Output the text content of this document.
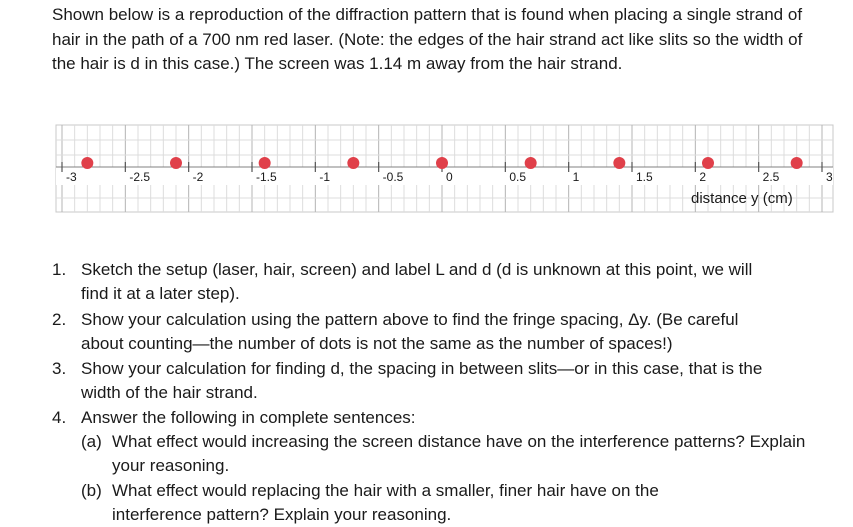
Shown below is a reproduction of the diffraction pattern that is found when placing a single strand of hair in the path of a 700 nm red laser. (Note: the edges of the hair strand act like slits so the width of the hair is d in this case.) The screen was 1.14 m away from the hair strand.

-3	-2.5	-2	-1.5	-1	-0.5	0	0.5	1	1.5	2	2.5	3
distance y (cm)
1. Sketch the setup (laser, hair, screen) and label L and d (d is unknown at this point, we will find it at a later step).

2. Show your calculation using the pattern above to find the fringe spacing, Δy. (Be careful about counting—the number of dots is not the same as the number of spaces!)

3. Show your calculation for finding d, the spacing in between slits—or in this case, that is the width of the hair strand.

4. Answer the following in complete sentences:

(a) What effect would increasing the screen distance have on the interference patterns? Explain your reasoning.

(b) What effect would replacing the hair with a smaller, finer hair have on the interference pattern? Explain your reasoning.
